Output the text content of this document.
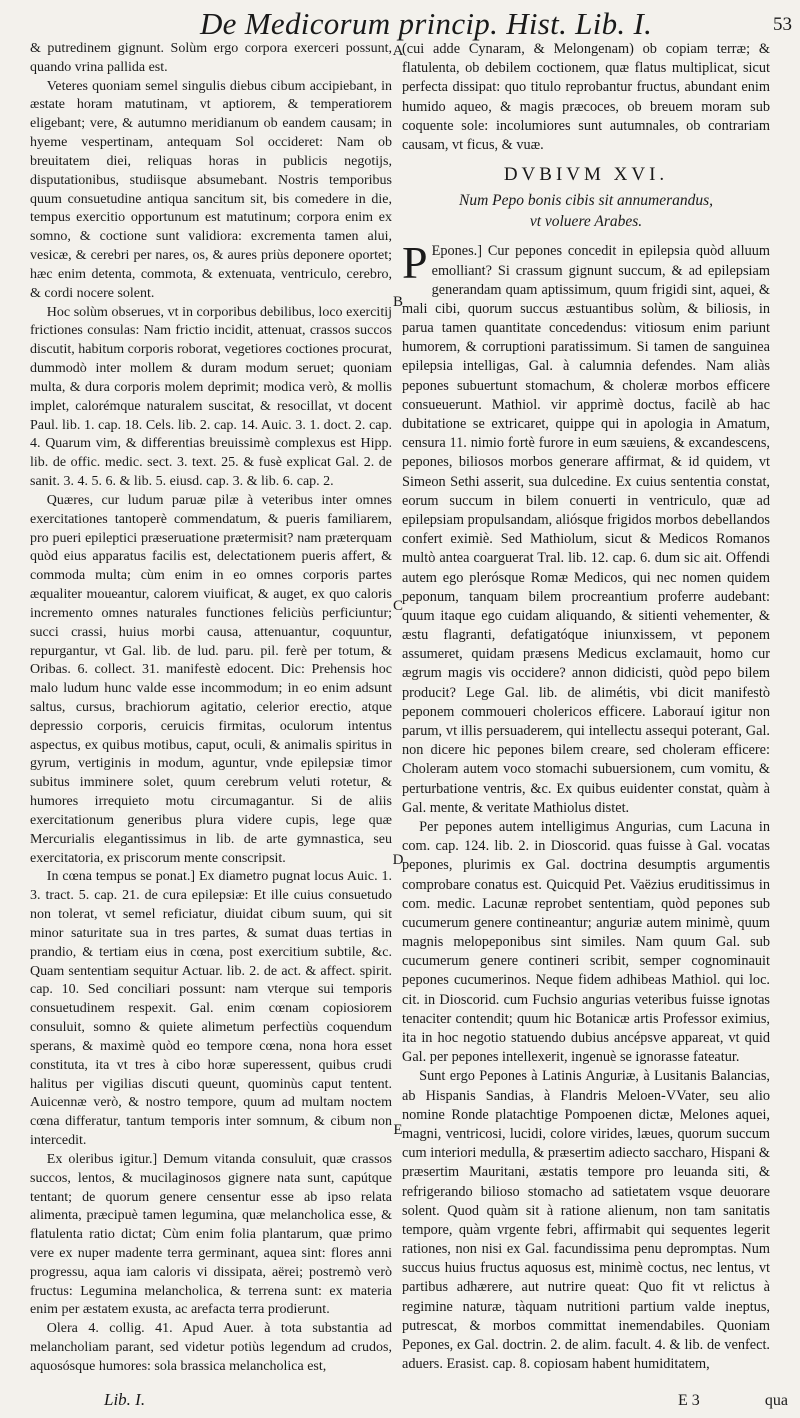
De Medicorum princip. Hist. Lib. I.	53

& putredinem gignunt. Solùm ergo corpora exerceri possunt, quando vrina pallida est.

Veteres quoniam semel singulis diebus cibum accipiebant, in æstate horam matutinam, vt aptiorem, & temperatiorem eligebant; vere, & autumno meridianum ob eandem causam; in hyeme vespertinam, antequam Sol occideret: Nam ob breuitatem diei, reliquas horas in publicis negotijs, disputationibus, studiisque absumebant. Nostris temporibus quum consuetudine antiqua sancitum sit, bis comedere in die, tempus exercitio opportunum est matutinum; corpora enim ex somno, & coctione sunt validiora: excrementa tamen alui, vesicæ, & cerebri per nares, os, & aures priùs deponere oportet; hæc enim detenta, commota, & extenuata, ventriculo, cerebro, & cordi nocere solent.

Hoc solùm obserues, vt in corporibus debilibus, loco exercitij frictiones consulas: Nam frictio incidit, attenuat, crassos succos discutit, habitum corporis roborat, vegetiores coctiones procurat, dummodò inter mollem & duram modum seruet; quoniam multa, & dura corporis molem deprimit; modica verò, & mollis implet, calorémque naturalem suscitat, & resocillat, vt docent Paul. lib. 1. cap. 18. Cels. lib. 2. cap. 14. Auic. 3. 1. doct. 2. cap. 4. Quarum vim, & differentias breuissimè complexus est Hipp. lib. de offic. medic. sect. 3. text. 25. & fusè explicat Gal. 2. de sanit. 3. 4. 5. 6. & lib. 5. eiusd. cap. 3. & lib. 6. cap. 2.

Quæres, cur ludum paruæ pilæ à veteribus inter omnes exercitationes tantoperè commendatum, & pueris familiarem, pro pueri epileptici præseruatione prætermisit? nam præterquam quòd eius apparatus facilis est, delectationem pueris affert, & commoda multa; cùm enim in eo omnes corporis partes æqualiter moueantur, calorem viuificat, & auget, ex quo caloris incremento omnes naturales functiones feliciùs perficiuntur; succi crassi, huius morbi causa, attenuantur, coquuntur, repurgantur, vt Gal. lib. de lud. paru. pil. ferè per totum, & Oribas. 6. collect. 31. manifestè edocent. Dic: Prehensis hoc malo ludum hunc valde esse incommodum; in eo enim adsunt saltus, cursus, brachiorum agitatio, celerior erectio, atque depressio corporis, ceruicis firmitas, oculorum intentus aspectus, ex quibus motibus, caput, oculi, & animalis spiritus in gyrum, vertiginis in modum, aguntur, vnde epilepsiæ timor subitus imminere solet, quum cerebrum veluti rotetur, & humores irrequieto motu circumagantur. Si de aliis exercitationum generibus plura videre cupis, lege quæ Mercurialis elegantissimus in lib. de arte gymnastica, seu exercitatoria, ex priscorum mente conscripsit.

In cœna tempus se ponat.] Ex diametro pugnat locus Auic. 1. 3. tract. 5. cap. 21. de cura epilepsiæ: Et ille cuius consuetudo non tolerat, vt semel reficiatur, diuidat cibum suum, qui sit minor saturitate sua in tres partes, & sumat duas tertias in prandio, & tertiam eius in cœna, post exercitium subtile, &c. Quam sententiam sequitur Actuar. lib. 2. de act. & affect. spirit. cap. 10. Sed conciliari possunt: nam vterque sui temporis consuetudinem respexit. Gal. enim cœnam copiosiorem consuluit, somno & quiete alimetum perfectiùs coquendum sperans, & maximè quòd eo tempore cœna, nona hora esset constituta, ita vt tres à cibo horæ superessent, quibus crudi halitus per vigilias discuti queunt, quominùs caput tentent. Auicennæ verò, & nostro tempore, quum ad multam noctem cœna differatur, tantum temporis inter somnum, & cibum non intercedit.

Ex oleribus igitur.] Demum vitanda consuluit, quæ crassos succos, lentos, & mucilaginosos gignere nata sunt, capútque tentant; de quorum genere censentur esse ab ipso relata alimenta, præcipuè tamen legumina, quæ melancholica esse, & flatulenta ratio dictat; Cùm enim folia plantarum, quæ primo vere ex nuper madente terra germinant, aquea sint: flores anni progressu, aqua iam caloris vi dissipata, aërei; postremò verò fructus: Legumina melancholica, & terrena sunt: ex materia enim per æstatem exusta, ac arefacta terra prodierunt.

Olera 4. collig. 41. Apud Auer. à tota substantia ad melancholiam parant, sed videtur potiùs legendum ad crudos, aquosósque humores: sola brassica melancholica est,

A
B
C
D
E

(cui adde Cynaram, & Melongenam) ob copiam terræ; & flatulenta, ob debilem coctionem, quæ flatus multiplicat, sicut perfecta dissipat: quo titulo reprobantur fructus, abundant enim humido aqueo, & magis præcoces, ob breuem moram sub coquente sole: incolumiores sunt autumnales, ob contrariam causam, vt ficus, & vuæ.

DVBIVM XVI.
Num Pepo bonis cibis sit annumerandus,
vt voluere Arabes.

P Epones.] Cur pepones concedit in epilepsia quòd alluum emolliant? Si crassum gignunt succum, & ad epilepsiam generandam quam aptissimum, quum frigidi sint, aquei, & mali cibi, quorum succus æstuantibus solùm, & biliosis, in parua tamen quantitate concedendus: vitiosum enim pariunt humorem, & corruptioni paratissimum. Si tamen de sanguinea epilepsia intelligas, Gal. à calumnia defendes. Nam aliàs pepones subuertunt stomachum, & choleræ morbos efficere consueuerunt. Mathiol. vir apprimè doctus, facilè ab hac dubitatione se extricaret, quippe qui in apologia in Amatum, censura 11. nimio fortè furore in eum sæuiens, & excandescens, pepones, biliosos morbos generare affirmat, & id quidem, vt Simeon Sethi asserit, sua dulcedine. Ex cuius sententia constat, eorum succum in bilem conuerti in ventriculo, quæ ad epilepsiam propulsandam, aliósque frigidos morbos debellandos confert eximiè. Sed Mathiolum, sicut & Medicos Romanos multò antea coarguerat Tral. lib. 12. cap. 6. dum sic ait. Offendi autem ego plerósque Romæ Medicos, qui nec nomen quidem peponum, tanquam bilem procreantium proferre audebant: quum itaque ego cuidam aliquando, & sitienti vehementer, & æstu flagranti, defatigatóque iniunxissem, vt peponem assumeret, quidam præsens Medicus exclamauit, homo cur ægrum magis vis occidere? annon didicisti, quòd pepo bilem producit? Lege Gal. lib. de alimétis, vbi dicit manifestò peponem commoueri cholericos efficere. Laborauí igitur non parum, vt illis persuaderem, qui intellectu assequi poterant, Gal. non dicere hic pepones bilem creare, sed choleram efficere: Choleram autem voco stomachi subuersionem, cum vomitu, & perturbatione ventris, &c. Ex quibus euidenter constat, quàm à Gal. mente, & veritate Mathiolus distet.

Per pepones autem intelligimus Angurias, cum Lacuna in com. cap. 124. lib. 2. in Dioscorid. quas fuisse à Gal. vocatas pepones, plurimis ex Gal. doctrina desumptis argumentis comprobare conatus est. Quicquid Pet. Vaëzius eruditissimus in com. medic. Lacunæ reprobet sententiam, quòd pepones sub cucumerum genere contineantur; anguriæ autem minimè, quum magnis melopeponibus sint similes. Nam quum Gal. sub cucumerum genere contineri scribit, semper cognominauit pepones cucumerinos. Neque fidem adhibeas Mathiol. qui loc. cit. in Dioscorid. cum Fuchsio angurias veteribus fuisse ignotas tenaciter contendit; quum hic Botanicæ artis Professor eximius, ita in hoc negotio statuendo dubius ancépsve appareat, vt quid Gal. per pepones intellexerit, ingenuè se ignorasse fateatur.

Sunt ergo Pepones à Latinis Anguriæ, à Lusitanis Balancias, ab Hispanis Sandias, à Flandris Meloen-VVater, seu alio nomine Ronde platachtige Pompoenen dictæ, Melones aquei, magni, ventricosi, lucidi, colore virides, læues, quorum succum cum interiori medulla, & præsertim adiecto saccharo, Hispani & præsertim Mauritani, æstatis tempore pro leuanda siti, & refrigerando bilioso stomacho ad satietatem vsque deuorare solent. Quod quàm sit à ratione alienum, non tam sanitatis tempore, quàm vrgente febri, affirmabit qui sequentes legerit rationes, non nisi ex Gal. facundissima penu depromptas. Num succus huius fructus aquosus est, minimè coctus, nec lentus, vt partibus adhærere, aut nutrire queat: Quo fit vt relictus à regimine naturæ, tàquam nutritioni partium valde ineptus, putrescat, & morbos committat inemendabiles. Quoniam Pepones, ex Gal. doctrin. 2. de alim. facult. 4. & lib. de venfect. aduers. Erasist. cap. 8. copiosam habent humiditatem,

Lib. I.	E 3	qua
